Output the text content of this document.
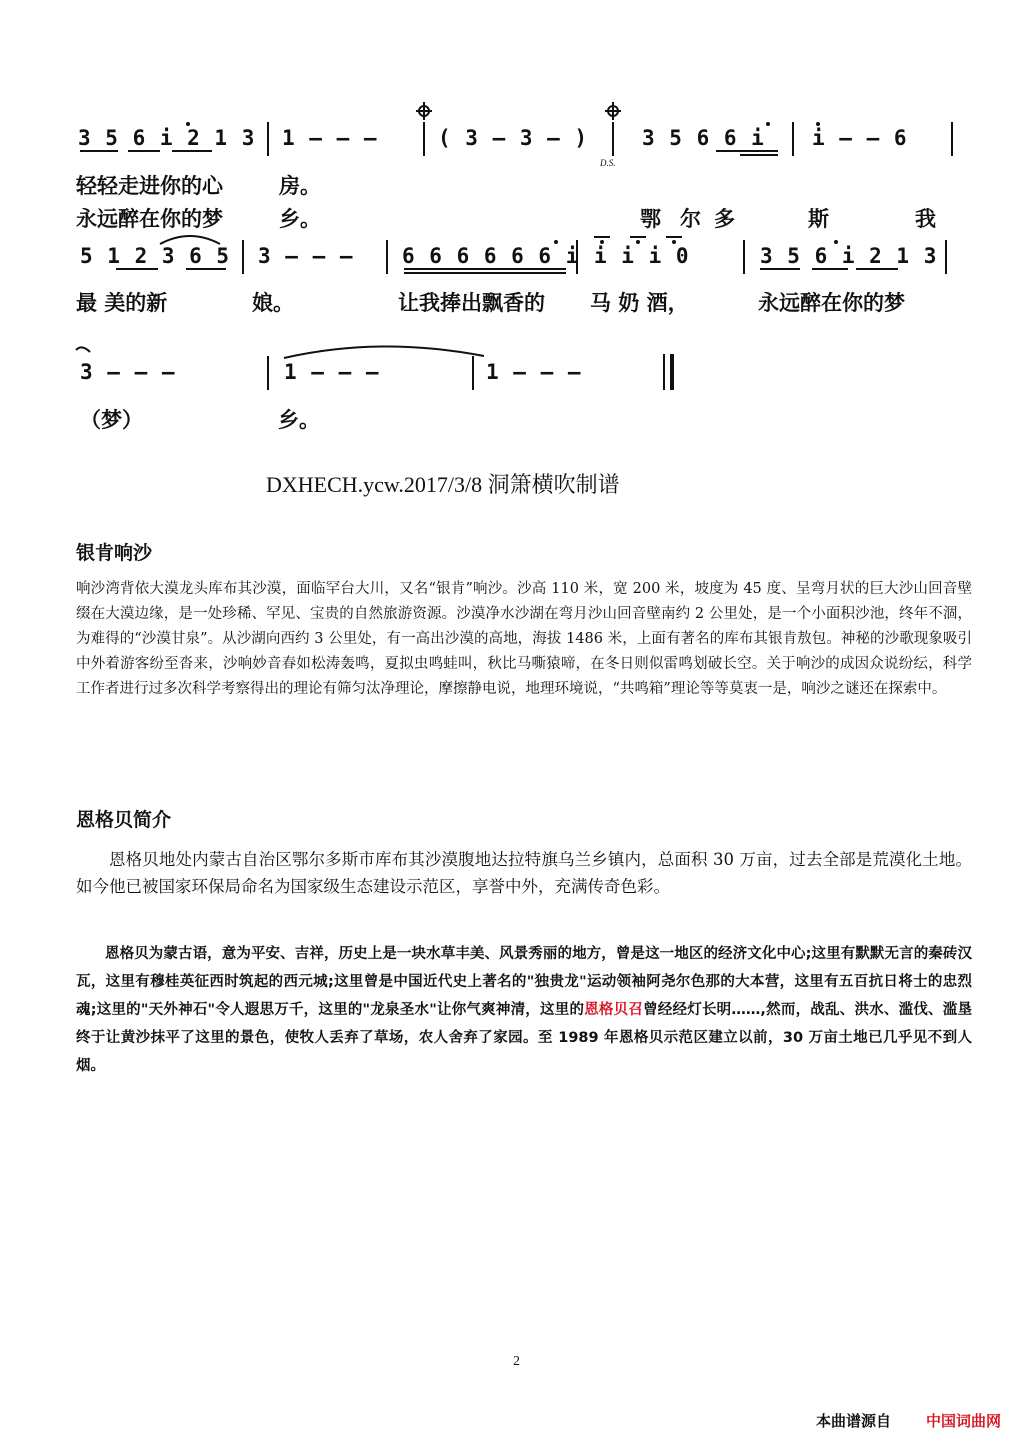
3 5 6 i 2 1 3 1 – – –	( 3 – 3 – )
D.S.
3 5 6 6 i i – – 6
轻轻走进你的心	房。
永远醉在你的梦	乡。	鄂 尔 多	斯	我
5 1 2 3 6 5 3 – – – 6 6 6 6 6 6 i i i i 0	3 5 6 i 2 1 3
最 美的新	娘。	让我捧出飘香的 马 奶 酒，	永远醉在你的梦
3 – – –	1 – – –	1 – – –
（梦）	乡。
DXHECH.ycw.2017/3/8 洞箫横吹制谱
银肯响沙
响沙湾背依大漠龙头库布其沙漠，面临罕台大川，又名“银肯”响沙。沙高 110 米，宽 200 米，坡度为 45 度、呈弯月状的巨大沙山回音壁缀在大漠边缘，是一处珍稀、罕见、宝贵的自然旅游资源。沙漠净水沙湖在弯月沙山回音壁南约 2 公里处，是一个小面积沙池，终年不涸，为难得的“沙漠甘泉”。从沙湖向西约 3 公里处，有一高出沙漠的高地，海拔 1486 米，上面有著名的库布其银肯敖包。神秘的沙歌现象吸引中外着游客纷至沓来，沙响妙音春如松涛轰鸣，夏拟虫鸣蛙叫，秋比马嘶猿啼，在冬日则似雷鸣划破长空。关于响沙的成因众说纷纭，科学工作者进行过多次科学考察得出的理论有筛匀汰净理论，摩擦静电说，地理环境说，“共鸣箱”理论等等莫衷一是，响沙之谜还在探索中。
恩格贝简介
恩格贝地处内蒙古自治区鄂尔多斯市库布其沙漠腹地达拉特旗乌兰乡镇内，总面积 30 万亩，过去全部是荒漠化土地。如今他已被国家环保局命名为国家级生态建设示范区，享誉中外，充满传奇色彩。
恩格贝为蒙古语，意为平安、吉祥，历史上是一块水草丰美、风景秀丽的地方，曾是这一地区的经济文化中心;这里有默默无言的秦砖汉瓦，这里有穆桂英征西时筑起的西元城;这里曾是中国近代史上著名的"独贵龙"运动领袖阿尧尔色那的大本营，这里有五百抗日将士的忠烈魂;这里的"天外神石"令人遐思万千，这里的"龙泉圣水"让你气爽神清，这里的恩格贝召曾经经灯长明……,然而，战乱、洪水、滥伐、滥垦终于让黄沙抹平了这里的景色，使牧人丢弃了草场，农人舍弃了家园。至 1989 年恩格贝示范区建立以前，30 万亩土地已几乎见不到人烟。
2
本曲谱源自 中国词曲网
